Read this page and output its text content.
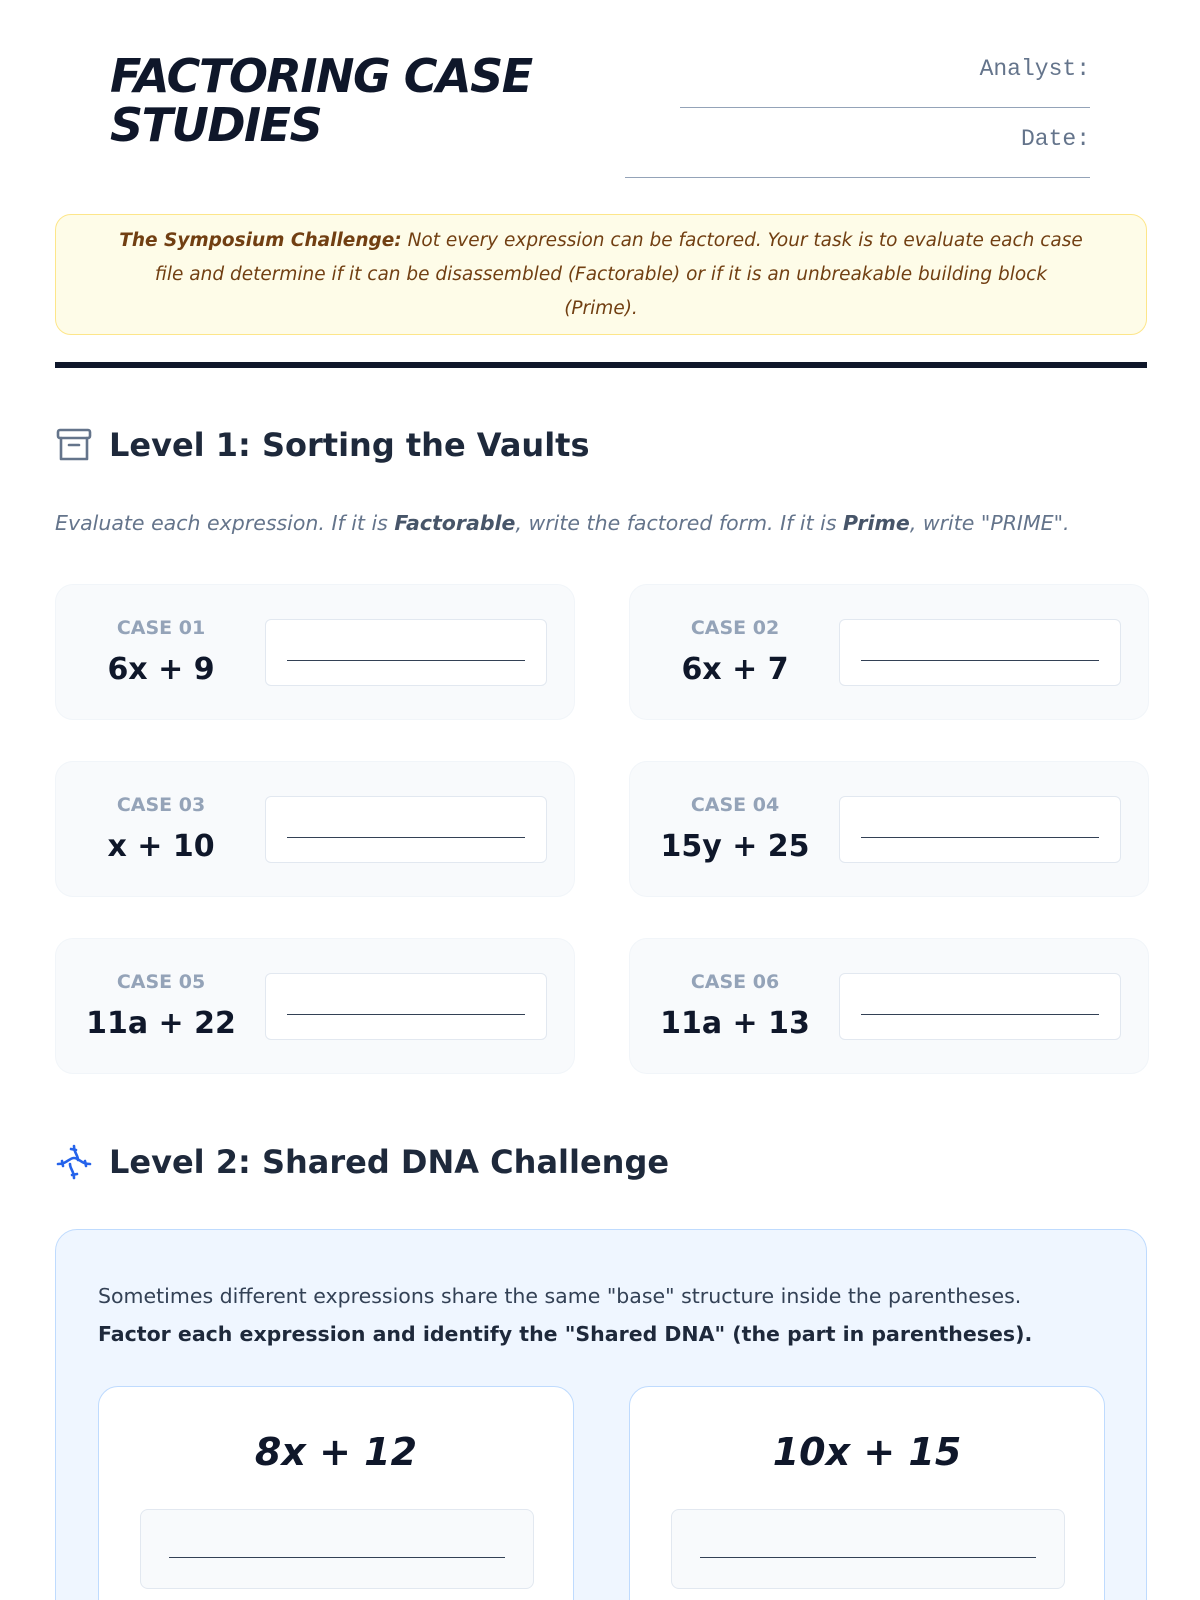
FACTORING CASE STUDIES
Analyst:
Date:

The Symposium Challenge: Not every expression can be factored. Your task is to evaluate each case file and determine if it can be disassembled (Factorable) or if it is an unbreakable building block (Prime).

Level 1: Sorting the Vaults

Evaluate each expression. If it is Factorable, write the factored form. If it is Prime, write "PRIME".

CASE 01
6x + 9
CASE 02
6x + 7
CASE 03
x + 10
CASE 04
15y + 25
CASE 05
11a + 22
CASE 06
11a + 13
Level 2: Shared DNA Challenge

Sometimes different expressions share the same "base" structure inside the parentheses.
Factor each expression and identify the "Shared DNA" (the part in parentheses).

8x + 12	10x + 15
